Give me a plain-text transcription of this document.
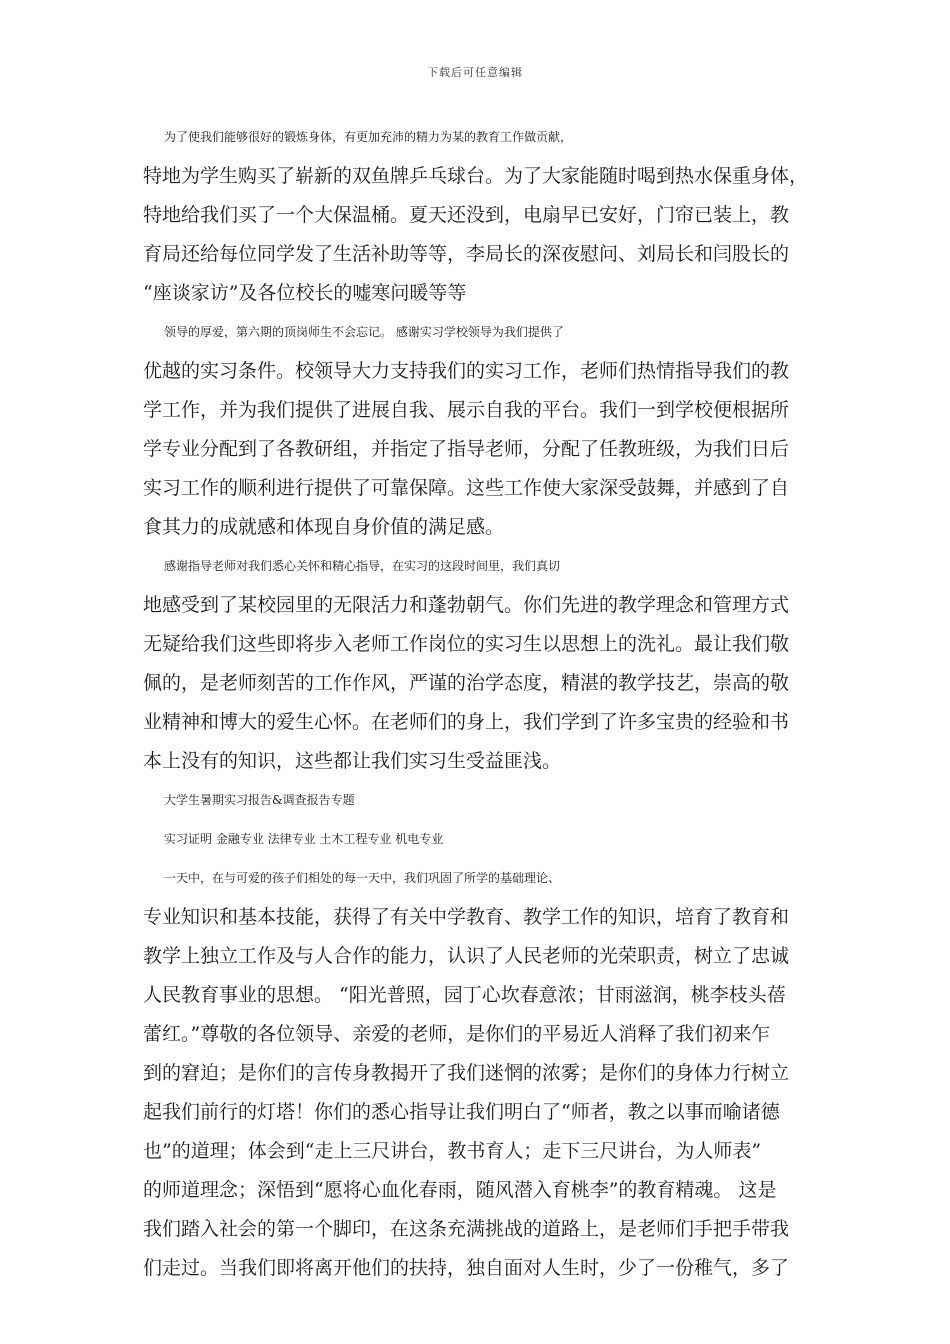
下载后可任意编辑
为了使我们能够很好的锻炼身体，有更加充沛的精力为某的教育工作做贡献，
特地为学生购买了崭新的双鱼牌乒乓球台。为了大家能随时喝到热水保重身体，
特地给我们买了一个大保温桶。夏天还没到，电扇早已安好，门帘已装上，教
育局还给每位同学发了生活补助等等，李局长的深夜慰问、刘局长和闫股长的
“座谈家访”及各位校长的嘘寒问暖等等
领导的厚爱，第六期的顶岗师生不会忘记。 感谢实习学校领导为我们提供了
优越的实习条件。校领导大力支持我们的实习工作，老师们热情指导我们的教
学工作，并为我们提供了进展自我、展示自我的平台。我们一到学校便根据所
学专业分配到了各教研组，并指定了指导老师，分配了任教班级，为我们日后
实习工作的顺利进行提供了可靠保障。这些工作使大家深受鼓舞，并感到了自
食其力的成就感和体现自身价值的满足感。
感谢指导老师对我们悉心关怀和精心指导，在实习的这段时间里，我们真切
地感受到了某校园里的无限活力和蓬勃朝气。你们先进的教学理念和管理方式
无疑给我们这些即将步入老师工作岗位的实习生以思想上的洗礼。最让我们敬
佩的，是老师刻苦的工作作风，严谨的治学态度，精湛的教学技艺，崇高的敬
业精神和博大的爱生心怀。在老师们的身上，我们学到了许多宝贵的经验和书
本上没有的知识，这些都让我们实习生受益匪浅。
大学生暑期实习报告&调查报告专题
实习证明 金融专业 法律专业 土木工程专业 机电专业
一天中，在与可爱的孩子们相处的每一天中，我们巩固了所学的基础理论、
专业知识和基本技能，获得了有关中学教育、教学工作的知识，培育了教育和
教学上独立工作及与人合作的能力，认识了人民老师的光荣职责，树立了忠诚
人民教育事业的思想。 “阳光普照，园丁心坎春意浓；甘雨滋润，桃李枝头蓓
蕾红。”尊敬的各位领导、亲爱的老师，是你们的平易近人消释了我们初来乍
到的窘迫；是你们的言传身教揭开了我们迷惘的浓雾；是你们的身体力行树立
起我们前行的灯塔！你们的悉心指导让我们明白了“师者，教之以事而喻诸德
也”的道理；体会到“走上三尺讲台，教书育人；走下三尺讲台，为人师表”
的师道理念；深悟到“愿将心血化春雨，随风潜入育桃李”的教育精魂。 这是
我们踏入社会的第一个脚印，在这条充满挑战的道路上，是老师们手把手带我
们走过。当我们即将离开他们的扶持，独自面对人生时，少了一份稚气，多了
